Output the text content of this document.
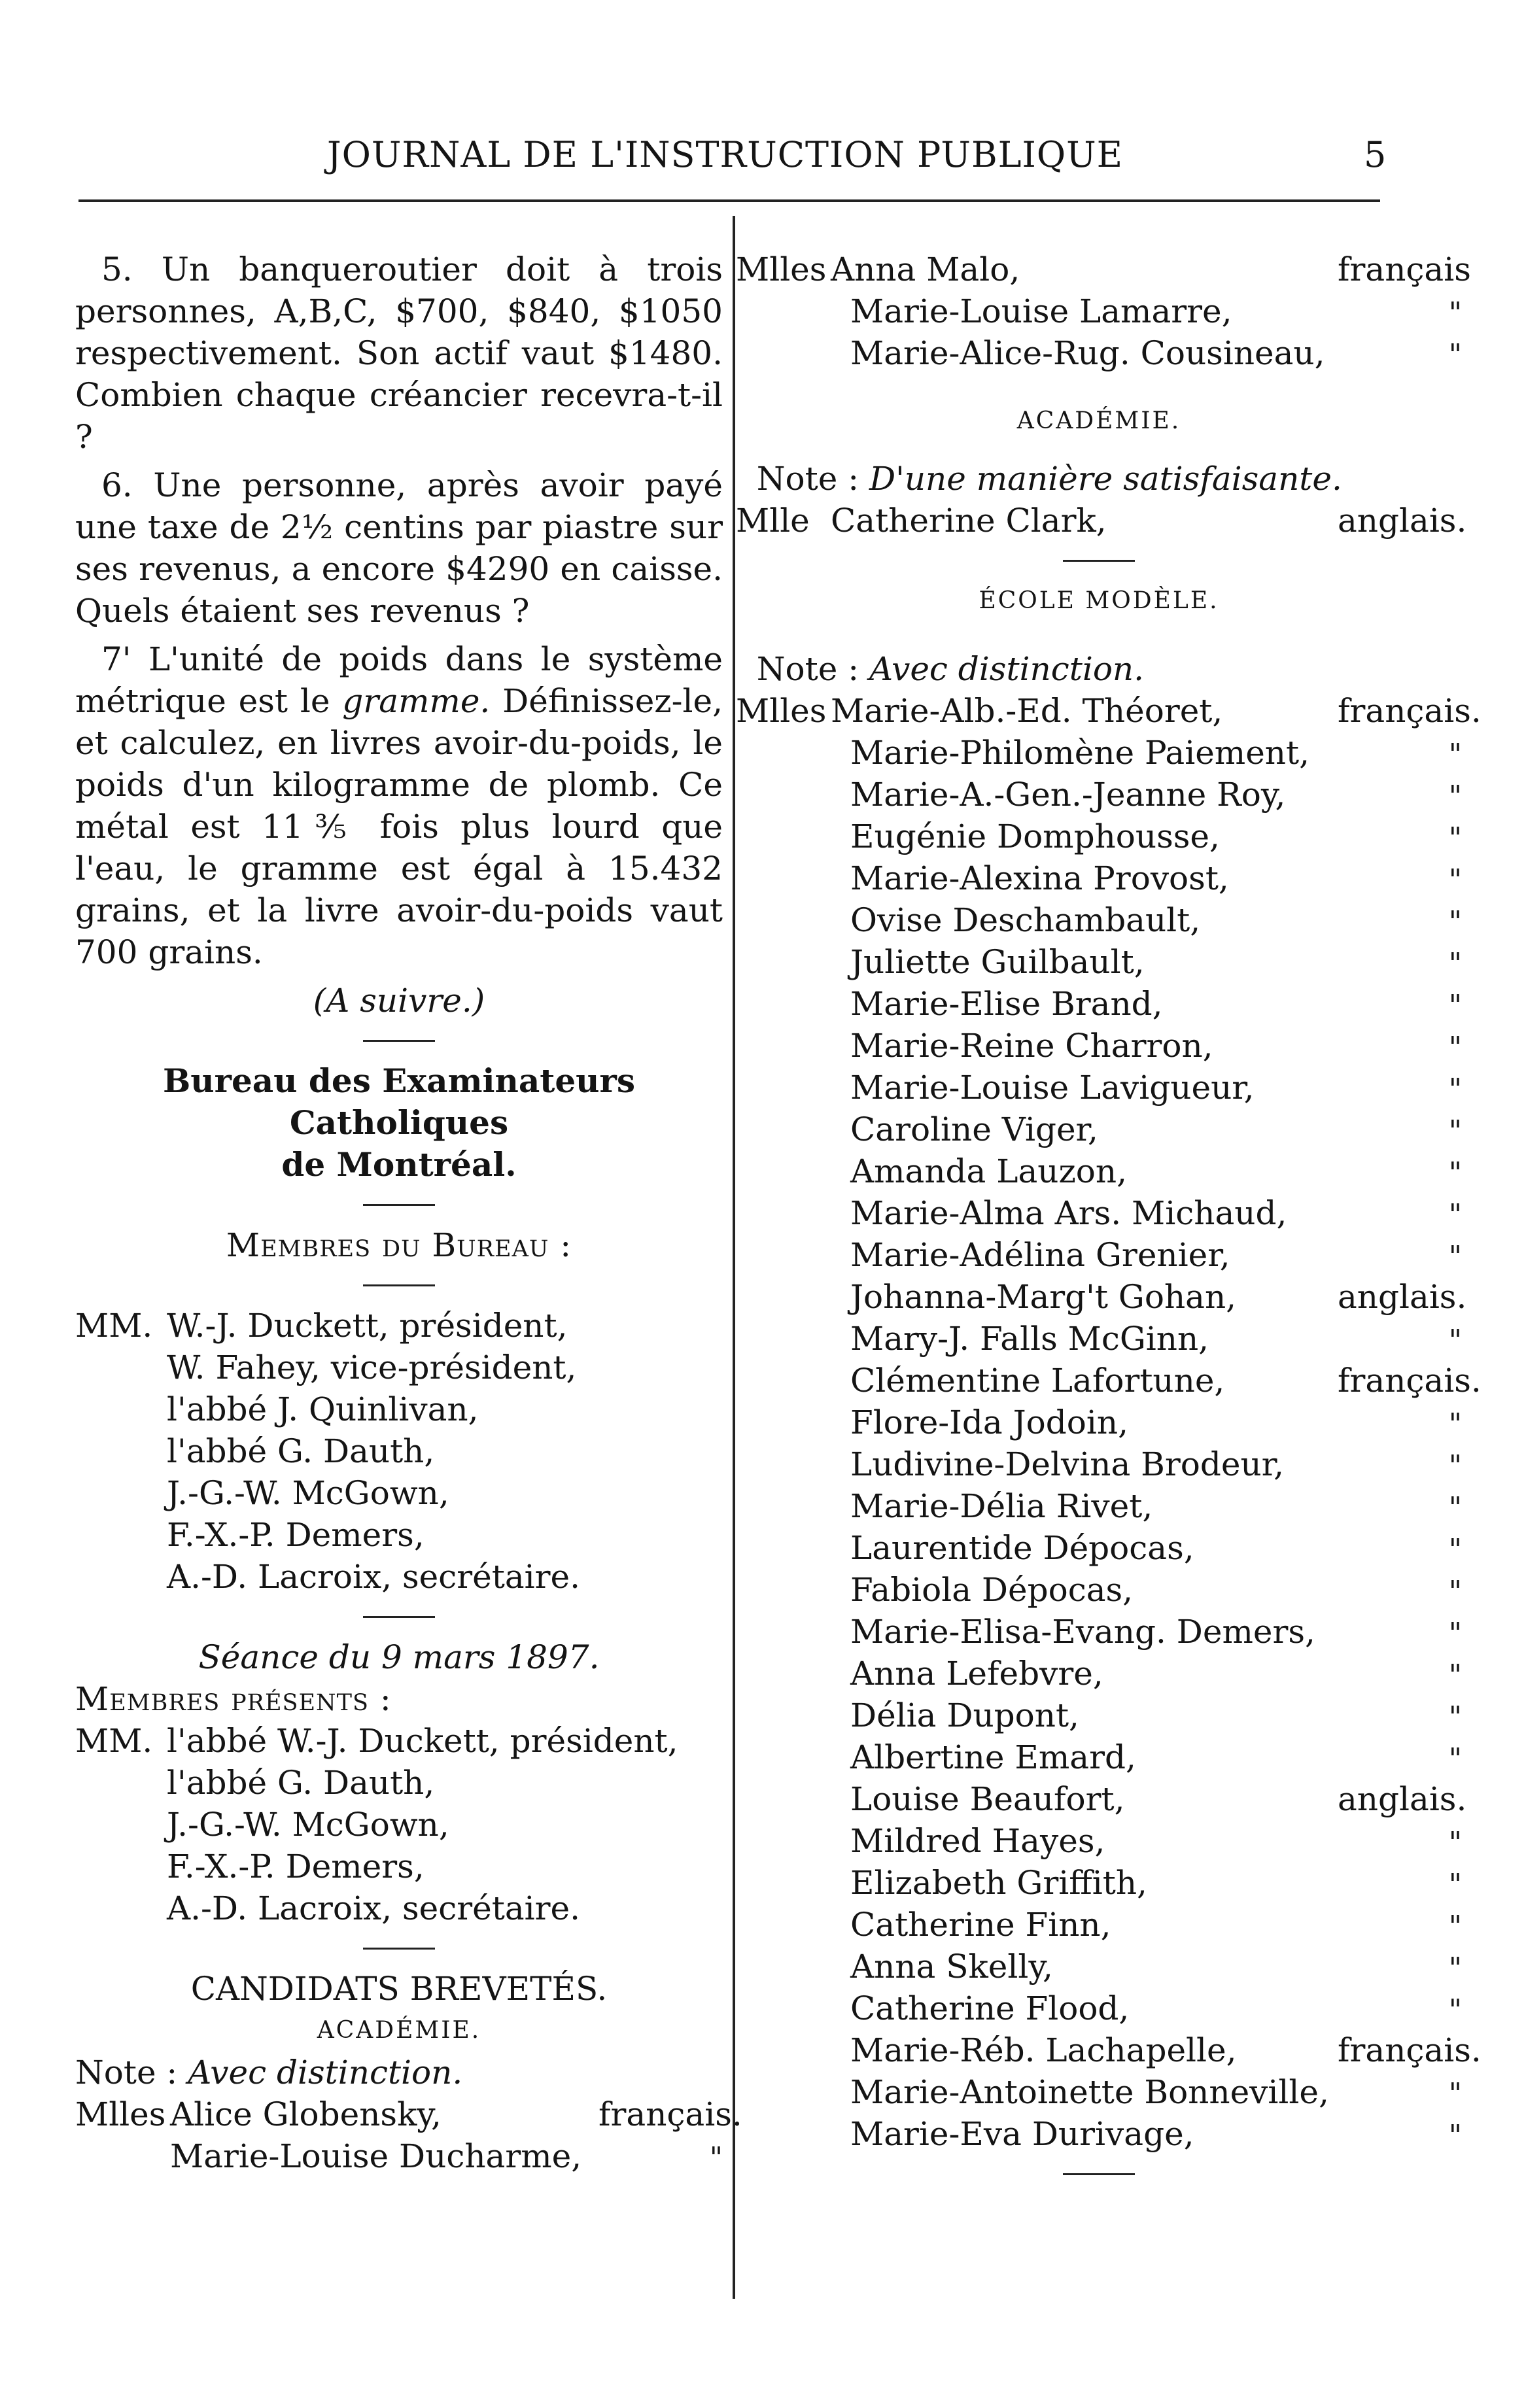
JOURNAL DE L'INSTRUCTION PUBLIQUE	5

5. Un banqueroutier doit à trois personnes, A,B,C, $700, $840, $1050 respectivement. Son actif vaut $1480. Combien chaque créancier recevra-t-il ?

6. Une personne, après avoir payé une taxe de 2½ centins par piastre sur ses revenus, a encore $4290 en caisse. Quels étaient ses revenus ?

7' L'unité de poids dans le système métrique est le gramme. Définissez-le, et calculez, en livres avoir-du-poids, le poids d'un kilogramme de plomb. Ce métal est 11⅗ fois plus lourd que l'eau, le gramme est égal à 15.432 grains, et la livre avoir-du-poids vaut 700 grains.

(A suivre.)
Bureau des Examinateurs Catholiques
de Montréal.
Membres du Bureau :
MM. W.-J. Duckett, président,
W. Fahey, vice-président,
l'abbé J. Quinlivan,
l'abbé G. Dauth,
J.-G.-W. McGown,
F.-X.-P. Demers,
A.-D. Lacroix, secrétaire.
Séance du 9 mars 1897.
Membres présents :
MM. l'abbé W.-J. Duckett, président,
l'abbé G. Dauth,
J.-G.-W. McGown,
F.-X.-P. Demers,
A.-D. Lacroix, secrétaire.
CANDIDATS BREVETÉS.
ACADÉMIE.
Note : Avec distinction.
Mlles Alice Globensky,	français.
Marie-Louise Ducharme,	"
Mlles Anna Malo,	français
Marie-Louise Lamarre,	"
Marie-Alice-Rug. Cousineau,	"
ACADÉMIE.
Note : D'une manière satisfaisante.
Mlle Catherine Clark,	anglais.
ÉCOLE MODÈLE.
Note : Avec distinction.
Mlles Marie-Alb.-Ed. Théoret,	français.
Marie-Philomène Paiement,	"
Marie-A.-Gen.-Jeanne Roy,	"
Eugénie Domphousse,	"
Marie-Alexina Provost,	"
Ovise Deschambault,	"
Juliette Guilbault,	"
Marie-Elise Brand,	"
Marie-Reine Charron,	"
Marie-Louise Lavigueur,	"
Caroline Viger,	"
Amanda Lauzon,	"
Marie-Alma Ars. Michaud,	"
Marie-Adélina Grenier,	"
Johanna-Marg't Gohan,	anglais.
Mary-J. Falls McGinn,	"
Clémentine Lafortune,	français.
Flore-Ida Jodoin,	"
Ludivine-Delvina Brodeur,	"
Marie-Délia Rivet,	"
Laurentide Dépocas,	"
Fabiola Dépocas,	"
Marie-Elisa-Evang. Demers,	"
Anna Lefebvre,	"
Délia Dupont,	"
Albertine Emard,	"
Louise Beaufort,	anglais.
Mildred Hayes,	"
Elizabeth Griffith,	"
Catherine Finn,	"
Anna Skelly,	"
Catherine Flood,	"
Marie-Réb. Lachapelle,	français.
Marie-Antoinette Bonneville,	"
Marie-Eva Durivage,	"
